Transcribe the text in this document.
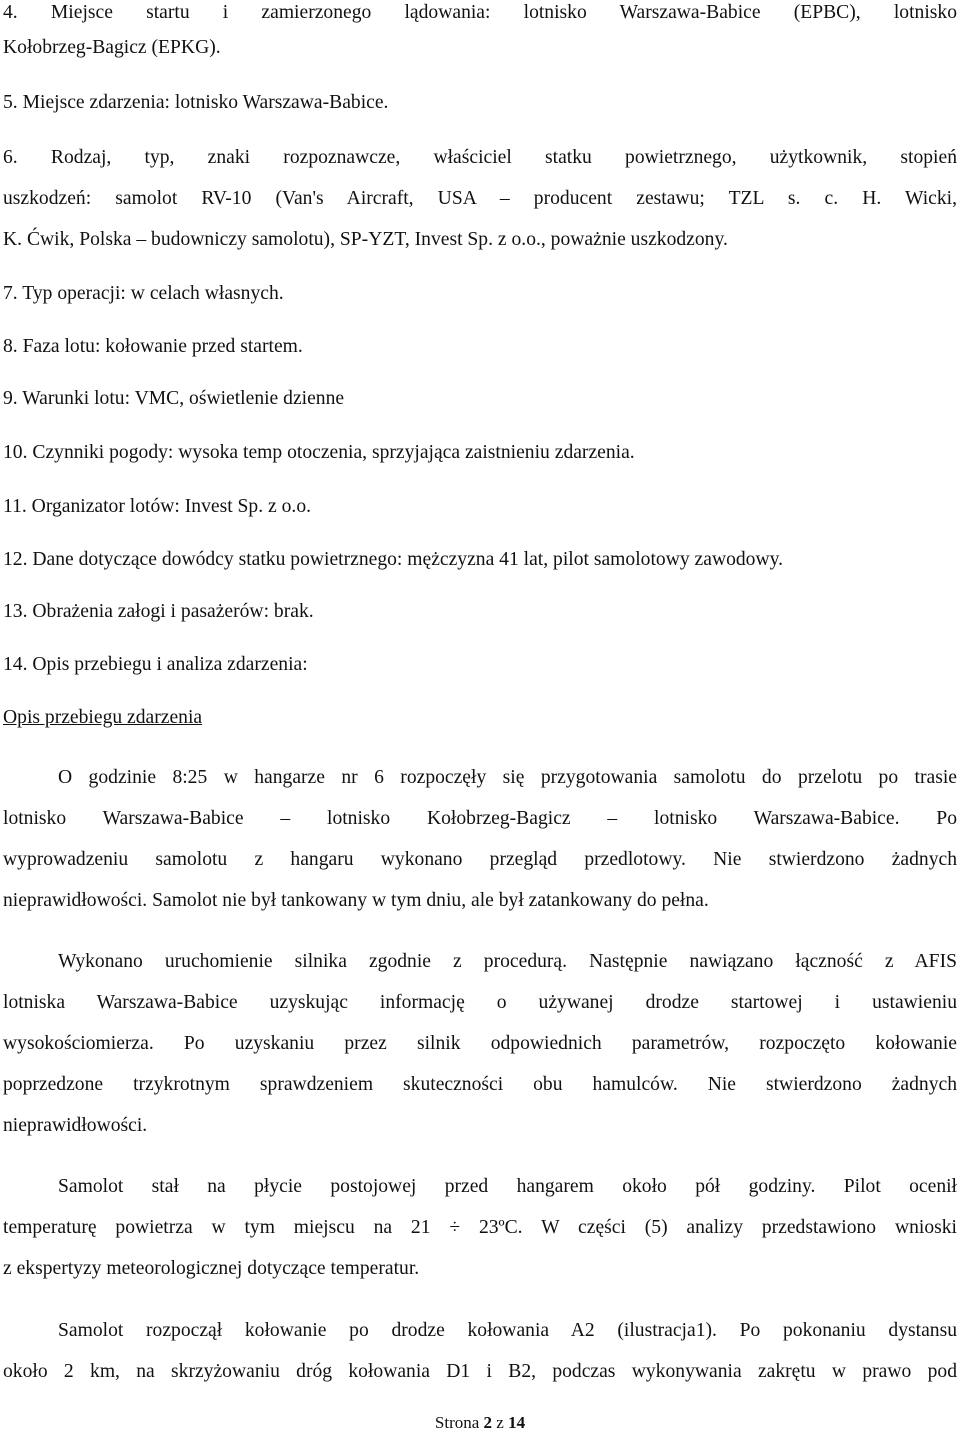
4. Miejsce startu i zamierzonego lądowania: lotnisko Warszawa-Babice (EPBC), lotnisko
Kołobrzeg-Bagicz (EPKG).
5. Miejsce zdarzenia: lotnisko Warszawa-Babice.
6. Rodzaj, typ, znaki rozpoznawcze, właściciel statku powietrznego, użytkownik, stopień
uszkodzeń: samolot RV-10 (Van's Aircraft, USA – producent zestawu; TZL s. c. H. Wicki,
K. Ćwik, Polska – budowniczy samolotu), SP-YZT, Invest Sp. z o.o., poważnie uszkodzony.
7. Typ operacji: w celach własnych.
8. Faza lotu: kołowanie przed startem.
9. Warunki lotu: VMC, oświetlenie dzienne
10. Czynniki pogody: wysoka temp otoczenia, sprzyjająca zaistnieniu zdarzenia.
11. Organizator lotów: Invest Sp. z o.o.
12. Dane dotyczące dowódcy statku powietrznego: mężczyzna 41 lat, pilot samolotowy zawodowy.
13. Obrażenia załogi i pasażerów: brak.
14. Opis przebiegu i analiza zdarzenia:
Opis przebiegu zdarzenia
O godzinie 8:25 w hangarze nr 6 rozpoczęły się przygotowania samolotu do przelotu po trasie
lotnisko Warszawa-Babice – lotnisko Kołobrzeg-Bagicz – lotnisko Warszawa-Babice. Po
wyprowadzeniu samolotu z hangaru wykonano przegląd przedlotowy. Nie stwierdzono żadnych
nieprawidłowości. Samolot nie był tankowany w tym dniu, ale był zatankowany do pełna.
Wykonano uruchomienie silnika zgodnie z procedurą. Następnie nawiązano łączność z AFIS
lotniska Warszawa-Babice uzyskując informację o używanej drodze startowej i ustawieniu
wysokościomierza. Po uzyskaniu przez silnik odpowiednich parametrów, rozpoczęto kołowanie
poprzedzone trzykrotnym sprawdzeniem skuteczności obu hamulców. Nie stwierdzono żadnych
nieprawidłowości.
Samolot stał na płycie postojowej przed hangarem około pół godziny. Pilot ocenił
temperaturę powietrza w tym miejscu na 21 ÷ 23ºC. W części (5) analizy przedstawiono wnioski
z ekspertyzy meteorologicznej dotyczące temperatur.
Samolot rozpoczął kołowanie po drodze kołowania A2 (ilustracja1). Po pokonaniu dystansu
około 2 km, na skrzyżowaniu dróg kołowania D1 i B2, podczas wykonywania zakrętu w prawo pod
Strona 2 z 14
